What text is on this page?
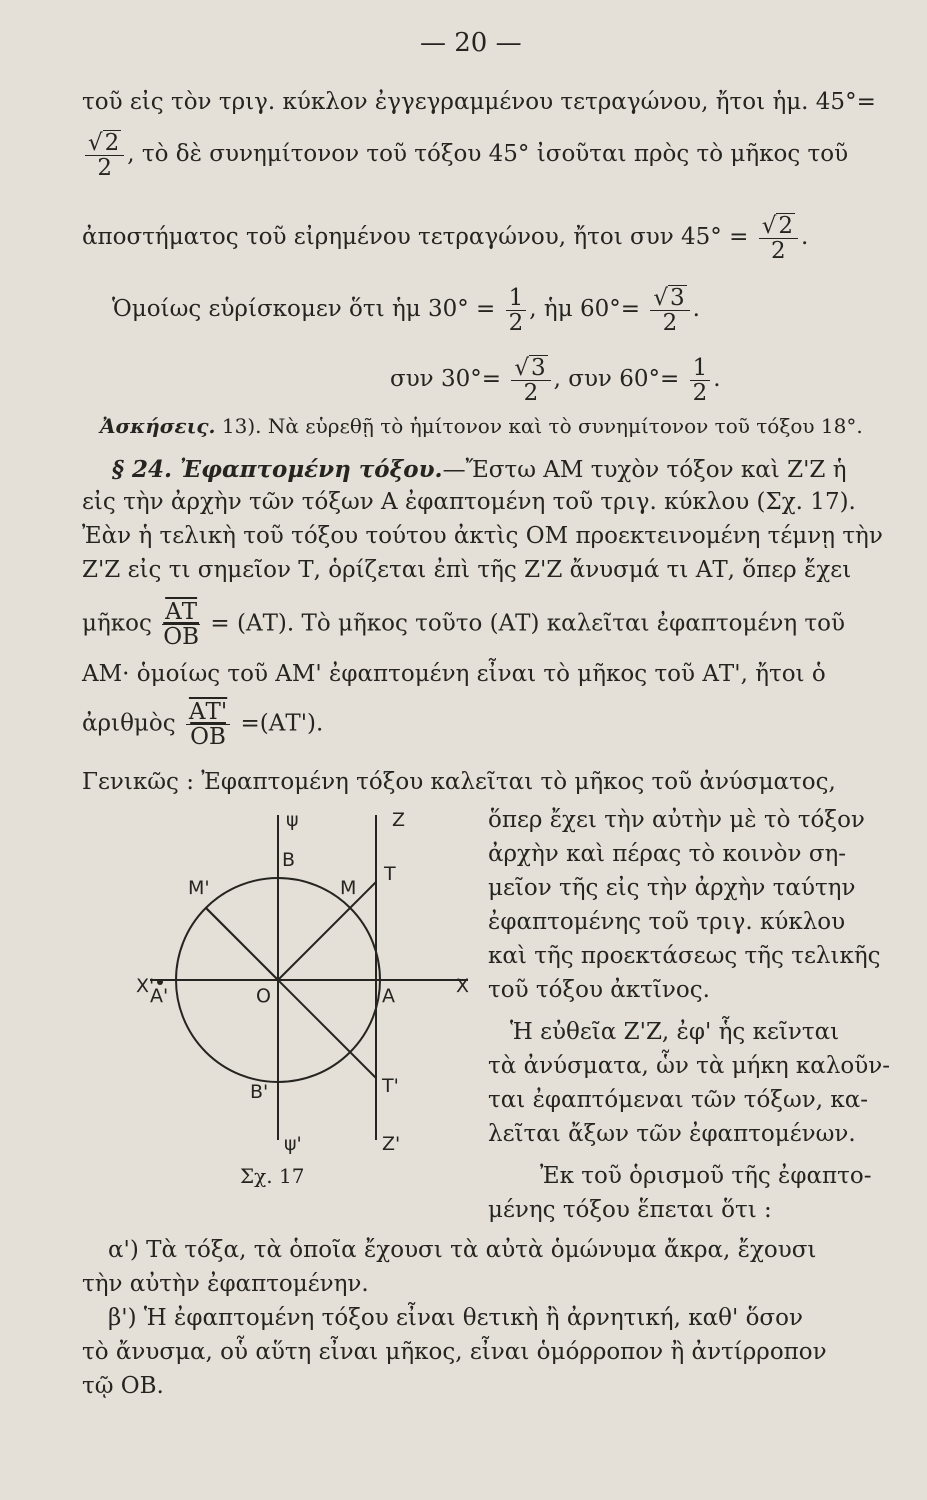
— 20 —
τοῦ εἰς τὸν τριγ. κύκλον ἐγγεγραμμένου τετραγώνου, ἤτοι ἡμ. 45°=
$\frac{√2}{2}$ , τὸ δὲ συνημίτονον τοῦ τόξου 45° ἰσοῦται πρὸς τὸ μῆκος τοῦ
ἀποστήματος τοῦ εἰρημένου τετραγώνου, ἤτοι συν $45^\circ = \frac{√2}{2}$ .
Ὁμοίως εὑρίσκομεν ὅτι ἡμ $30^\circ = \frac{1}{2}$ , ἡμ $60^\circ= \frac{√3}{2}$ .
συν $30^\circ= \frac{√3}{2}$ , συν $60^\circ= \frac{1}{2}$ .
Ἀσκήσεις. 13). Νὰ εὑρεθῇ τὸ ἡμίτονον καὶ τὸ συνημίτονον τοῦ τόξου 18°.
§ 24. Ἐφαπτομένη τόξου.—Ἔστω ΑΜ τυχὸν τόξον καὶ Ζ'Ζ ἡ
εἰς τὴν ἀρχὴν τῶν τόξων Α ἐφαπτομένη τοῦ τριγ. κύκλου (Σχ. 17).
Ἐὰν ἡ τελικὴ τοῦ τόξου τούτου ἀκτὶς ΟΜ προεκτεινομένη τέμνῃ τὴν
Ζ'Ζ εἰς τι σημεῖον Τ, ὁρίζεται ἐπὶ τῆς Ζ'Ζ ἄνυσμά τι ΑΤ, ὅπερ ἔχει
μῆκος $\frac{\overline{AT}}{OB} = (AT)$. Τὸ μῆκος τοῦτο (ΑΤ) καλεῖται ἐφαπτομένη τοῦ
ΑΜ· ὁμοίως τοῦ ΑΜ' ἐφαπτομένη εἶναι τὸ μῆκος τοῦ ΑΤ', ἤτοι ὁ
ἀριθμὸς $\frac{AT'}{OB} =(AT')$.
Γενικῶς : Ἐφαπτομένη τόξου καλεῖται τὸ μῆκος τοῦ ἀνύσματος,
ὅπερ ἔχει τὴν αὐτὴν μὲ τὸ τόξον
ἀρχὴν καὶ πέρας τὸ κοινὸν ση-
μεῖον τῆς εἰς τὴν ἀρχὴν ταύτην
ἐφαπτομένης τοῦ τριγ. κύκλου
καὶ τῆς προεκτάσεως τῆς τελικῆς
τοῦ τόξου ἀκτῖνος.
Ἡ εὐθεῖα Ζ'Ζ, ἐφ' ἧς κεῖνται
τὰ ἀνύσματα, ὧν τὰ μήκη καλοῦν-
ται ἐφαπτόμεναι τῶν τόξων, κα-
λεῖται ἄξων τῶν ἐφαπτομένων.
Ἐκ τοῦ ὁρισμοῦ τῆς ἐφαπτο-
μένης τόξου ἕπεται ὅτι :
Σχ. 17
α') Τὰ τόξα, τὰ ὁποῖα ἔχουσι τὰ αὐτὰ ὁμώνυμα ἄκρα, ἔχουσι
τὴν αὐτὴν ἐφαπτομένην.
β') Ἡ ἐφαπτομένη τόξου εἶναι θετικὴ ἢ ἀρνητική, καθ' ὅσον
τὸ ἄνυσμα, οὗ αὕτη εἶναι μῆκος, εἶναι ὁμόρροπον ἢ ἀντίρροπον
τῷ ΟΒ.
ψ	Ζ
Β
Τ
Μ
Μ'
Χ'
Α'	Ο	Α	Χ
Β'	Τ'
ψ'	Ζ'
